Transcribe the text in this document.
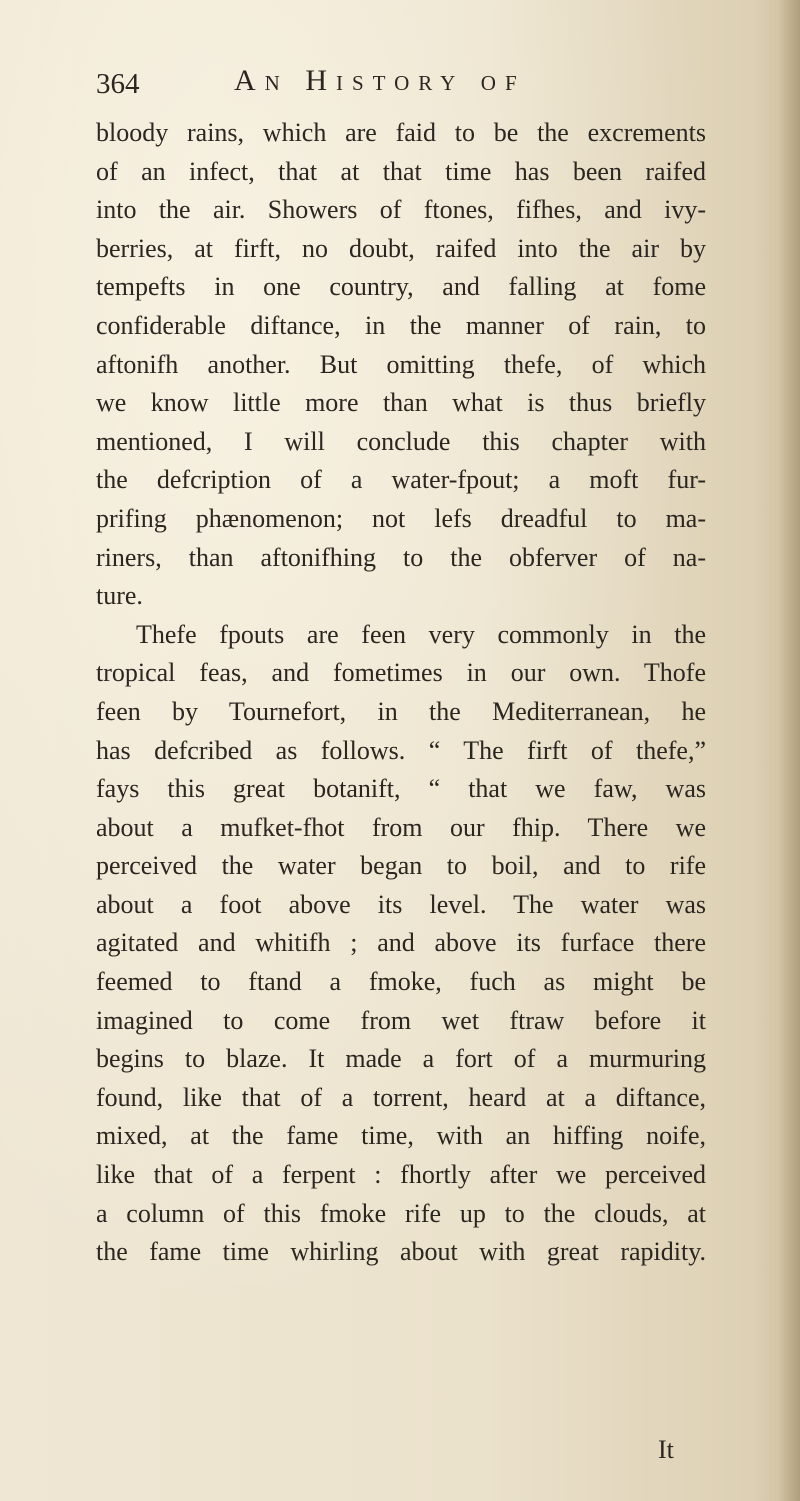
364	An History of
bloody rains, which are faid to be the excrements
of an infect, that at that time has been raifed
into the air. Showers of ftones, fifhes, and ivy-
berries, at firft, no doubt, raifed into the air by
tempefts in one country, and falling at fome
confiderable diftance, in the manner of rain, to
aftonifh another. But omitting thefe, of which
we know little more than what is thus briefly
mentioned, I will conclude this chapter with
the defcription of a water-fpout; a moft fur-
prifing phænomenon; not lefs dreadful to ma-
riners, than aftonifhing to the obferver of na-
ture.
Thefe fpouts are feen very commonly in the
tropical feas, and fometimes in our own. Thofe
feen by Tournefort, in the Mediterranean, he
has defcribed as follows. “ The firft of thefe,”
fays this great botanift, “ that we faw, was
about a mufket-fhot from our fhip. There we
perceived the water began to boil, and to rife
about a foot above its level. The water was
agitated and whitifh ; and above its furface there
feemed to ftand a fmoke, fuch as might be
imagined to come from wet ftraw before it
begins to blaze. It made a fort of a murmuring
found, like that of a torrent, heard at a diftance,
mixed, at the fame time, with an hiffing noife,
like that of a ferpent : fhortly after we perceived
a column of this fmoke rife up to the clouds, at
the fame time whirling about with great rapidity.
It
